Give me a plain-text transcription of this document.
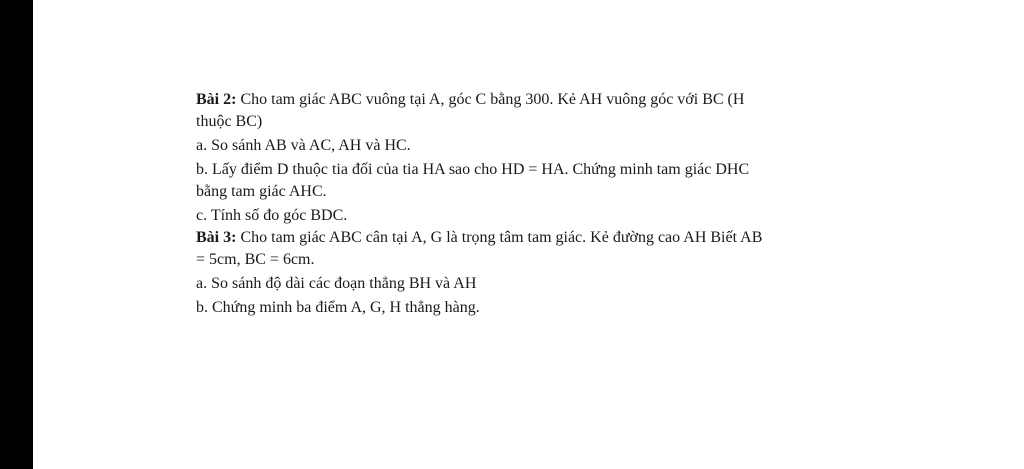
Bài 2: Cho tam giác ABC vuông tại A, góc C bằng 300. Kẻ AH vuông góc với BC (H
thuộc BC)
a. So sánh AB và AC, AH và HC.
b. Lấy điểm D thuộc tia đối của tia HA sao cho HD = HA. Chứng minh tam giác DHC
bằng tam giác AHC.
c. Tính số đo góc BDC.
Bài 3: Cho tam giác ABC cân tại A, G là trọng tâm tam giác. Kẻ đường cao AH Biết AB
= 5cm, BC = 6cm.
a. So sánh độ dài các đoạn thẳng BH và AH
b. Chứng minh ba điểm A, G, H thẳng hàng.
